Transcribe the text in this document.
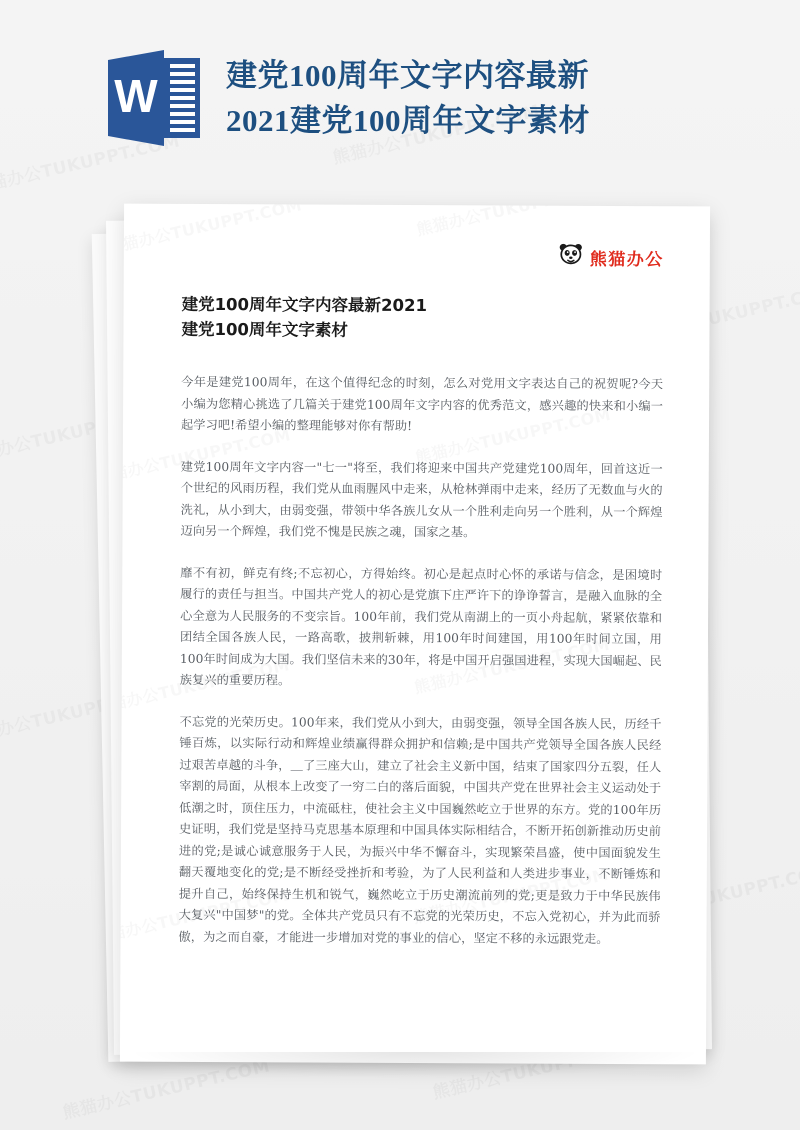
W 建党100周年文字内容最新
2021建党100周年文字素材
熊猫办公
建党100周年文字内容最新2021
建党100周年文字素材

今年是建党100周年，在这个值得纪念的时刻，怎么对党用文字表达自己的祝贺呢?今天小编为您精心挑选了几篇关于建党100周年文字内容的优秀范文，感兴趣的快来和小编一起学习吧!希望小编的整理能够对你有帮助!

建党100周年文字内容一"七一"将至，我们将迎来中国共产党建党100周年，回首这近一个世纪的风雨历程，我们党从血雨腥风中走来，从枪林弹雨中走来，经历了无数血与火的洗礼，从小到大，由弱变强，带领中华各族儿女从一个胜利走向另一个胜利，从一个辉煌迈向另一个辉煌，我们党不愧是民族之魂，国家之基。

靡不有初，鲜克有终;不忘初心，方得始终。初心是起点时心怀的承诺与信念，是困境时履行的责任与担当。中国共产党人的初心是党旗下庄严许下的诤诤誓言，是融入血脉的全心全意为人民服务的不变宗旨。100年前，我们党从南湖上的一页小舟起航，紧紧依靠和团结全国各族人民，一路高歌，披荆斩棘，用100年时间建国，用100年时间立国，用100年时间成为大国。我们坚信未来的30年，将是中国开启强国进程，实现大国崛起、民族复兴的重要历程。

不忘党的光荣历史。100年来，我们党从小到大，由弱变强，领导全国各族人民，历经千锤百炼，以实际行动和辉煌业绩赢得群众拥护和信赖;是中国共产党领导全国各族人民经过艰苦卓越的斗争，＿了三座大山，建立了社会主义新中国，结束了国家四分五裂，任人宰割的局面，从根本上改变了一穷二白的落后面貌，中国共产党在世界社会主义运动处于低潮之时，顶住压力，中流砥柱，使社会主义中国巍然屹立于世界的东方。党的100年历史证明，我们党是坚持马克思基本原理和中国具体实际相结合，不断开拓创新推动历史前进的党;是诚心诚意服务于人民，为振兴中华不懈奋斗，实现繁荣昌盛，使中国面貌发生翻天覆地变化的党;是不断经受挫折和考验，为了人民利益和人类进步事业，不断锤炼和提升自己，始终保持生机和锐气，巍然屹立于历史潮流前列的党;更是致力于中华民族伟大复兴"中国梦"的党。全体共产党员只有不忘党的光荣历史，不忘入党初心，并为此而骄傲，为之而自豪，才能进一步增加对党的事业的信心，坚定不移的永远跟党走。
